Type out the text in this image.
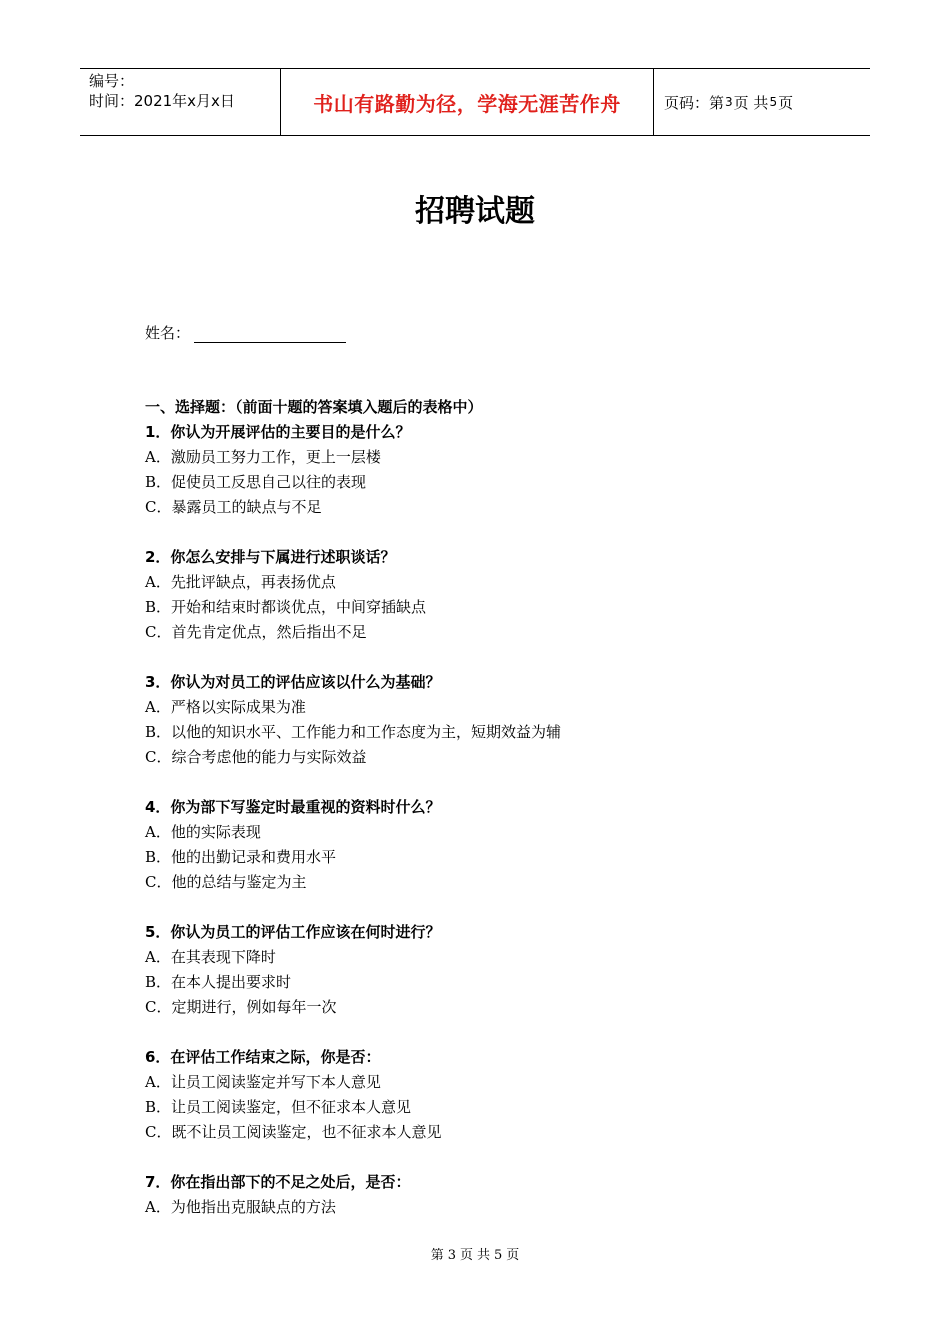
编号：
时间：2021年x月x日	书山有路勤为径，学海无涯苦作舟	页码：第 3 页 共 5 页
招聘试题
姓名：
一、选择题：（前面十题的答案填入题后的表格中）
1．你认为开展评估的主要目的是什么？
A．激励员工努力工作，更上一层楼
B．促使员工反思自己以往的表现
C．暴露员工的缺点与不足
2．你怎么安排与下属进行述职谈话？
A．先批评缺点，再表扬优点
B．开始和结束时都谈优点，中间穿插缺点
C．首先肯定优点，然后指出不足
3．你认为对员工的评估应该以什么为基础？
A．严格以实际成果为准
B．以他的知识水平、工作能力和工作态度为主，短期效益为辅
C．综合考虑他的能力与实际效益
4．你为部下写鉴定时最重视的资料时什么？
A．他的实际表现
B．他的出勤记录和费用水平
C．他的总结与鉴定为主
5．你认为员工的评估工作应该在何时进行？
A．在其表现下降时
B．在本人提出要求时
C．定期进行，例如每年一次
6．在评估工作结束之际，你是否：
A．让员工阅读鉴定并写下本人意见
B．让员工阅读鉴定，但不征求本人意见
C．既不让员工阅读鉴定，也不征求本人意见
7．你在指出部下的不足之处后，是否：
A．为他指出克服缺点的方法
第 3 页 共 5 页
